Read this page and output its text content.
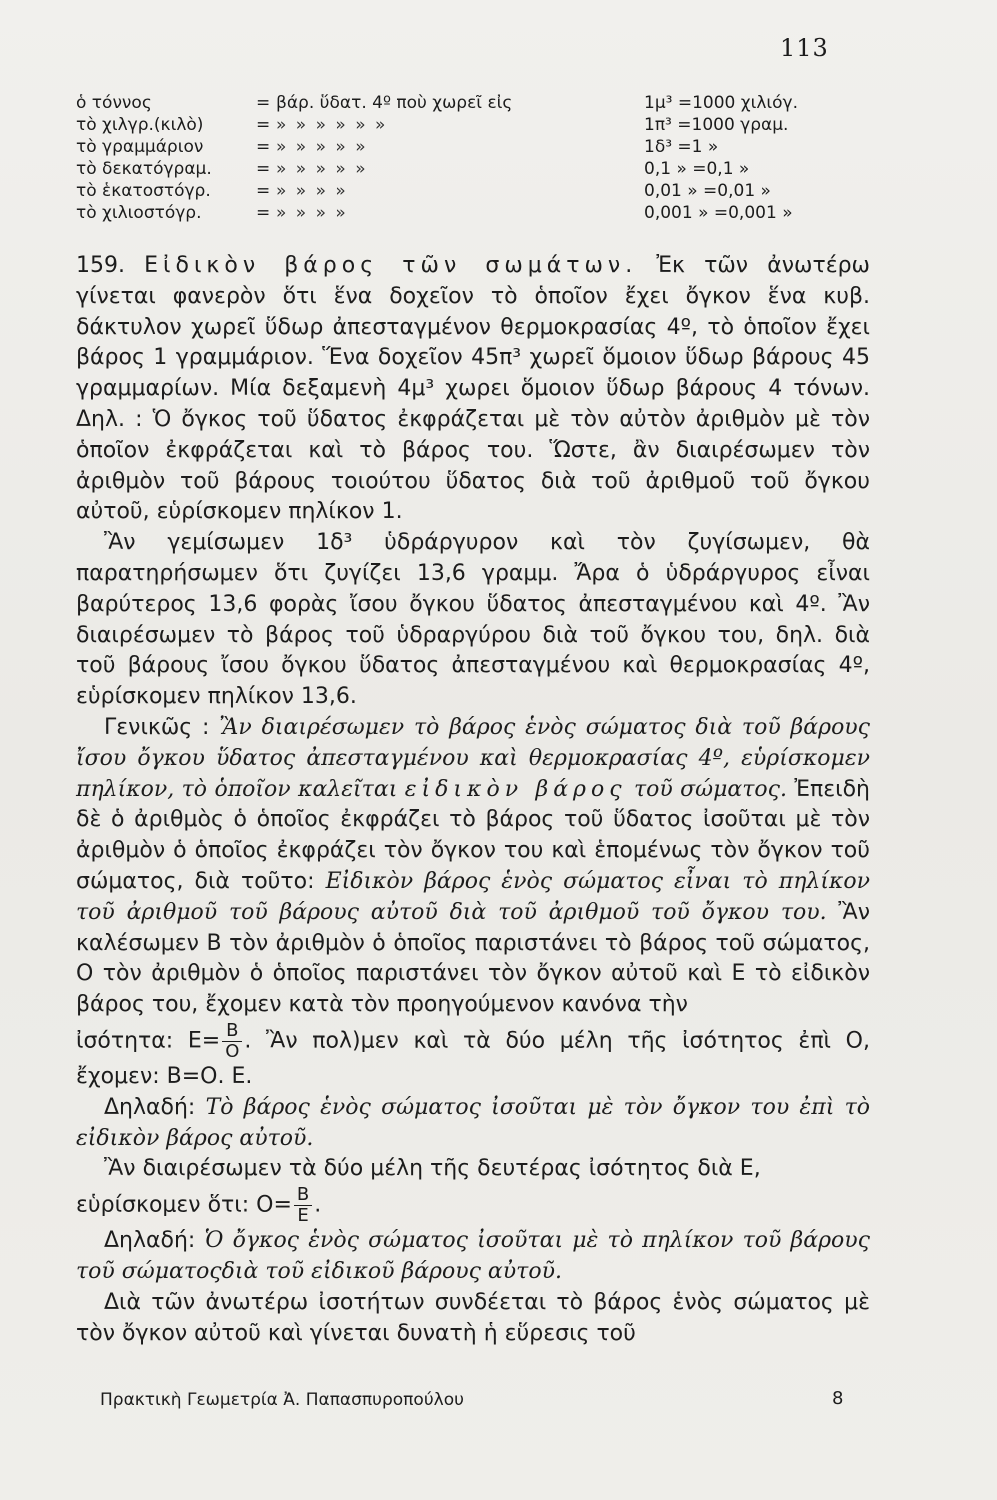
113
ὁ τόννος	= βάρ. ὕδατ. 4º ποὺ χωρεῖ εἰς	1μ³ =1000 χιλιόγ.
τὸ χιλγρ.(κιλὸ)	= » » » » » »	1π³ =1000 γραμ.
τὸ γραμμάριον	= » » » » »	1δ³ =1 »
τὸ δεκατόγραμ.	= » » » » »	0,1 » =0,1 »
τὸ ἑκατοστόγρ.	= » » » »	0,01 » =0,01 »
τὸ χιλιοστόγρ.	= » » » »	0,001 » =0,001 »

159. Εἰδικὸν βάρος τῶν σωμάτων. Ἐκ τῶν ἀνωτέρω γίνεται φανερὸν ὅτι ἕνα δοχεῖον τὸ ὁποῖον ἔχει ὄγκον ἕνα κυβ. δάκτυλον χωρεῖ ὕδωρ ἀπεσταγμένον θερμοκρασίας 4º, τὸ ὁποῖον ἔχει βάρος 1 γραμμάριον. Ἕνα δοχεῖον 45π³ χωρεῖ ὅμοιον ὕδωρ βάρους 45 γραμμαρίων. Μία δεξαμενὴ 4μ³ χωρει ὅμοιον ὕδωρ βάρους 4 τόνων. Δηλ. : Ὁ ὄγκος τοῦ ὕδατος ἐκφράζεται μὲ τὸν αὐτὸν ἀριθμὸν μὲ τὸν ὁποῖον ἐκφράζεται καὶ τὸ βάρος του. Ὥστε, ἂν διαιρέσωμεν τὸν ἀριθμὸν τοῦ βάρους τοιούτου ὕδατος διὰ τοῦ ἀριθμοῦ τοῦ ὄγκου αὐτοῦ, εὑρίσκομεν πηλίκον 1.

Ἂν γεμίσωμεν 1δ³ ὑδράργυρον καὶ τὸν ζυγίσωμεν, θὰ παρατηρήσωμεν ὅτι ζυγίζει 13,6 γραμμ. Ἄρα ὁ ὑδράργυρος εἶναι βαρύτερος 13,6 φορὰς ἴσου ὄγκου ὕδατος ἀπεσταγμένου καὶ 4º. Ἂν διαιρέσωμεν τὸ βάρος τοῦ ὑδραργύρου διὰ τοῦ ὄγκου του, δηλ. διὰ τοῦ βάρους ἴσου ὄγκου ὕδατος ἀπεσταγμένου καὶ θερμοκρασίας 4º, εὑρίσκομεν πηλίκον 13,6.

Γενικῶς : Ἂν διαιρέσωμεν τὸ βάρος ἑνὸς σώματος διὰ τοῦ βάρους ἴσου ὄγκου ὕδατος ἀπεσταγμένου καὶ θερμοκρασίας 4º, εὑρίσκομεν πηλίκον, τὸ ὁποῖον καλεῖται εἰδικὸν βάρος τοῦ σώματος. Ἐπειδὴ δὲ ὁ ἀριθμὸς ὁ ὁποῖος ἐκφράζει τὸ βάρος τοῦ ὕδατος ἰσοῦται μὲ τὸν ἀριθμὸν ὁ ὁποῖος ἐκφράζει τὸν ὄγκον του καὶ ἑπομένως τὸν ὄγκον τοῦ σώματος, διὰ τοῦτο: Εἰδικὸν βάρος ἑνὸς σώματος εἶναι τὸ πηλίκον τοῦ ἀριθμοῦ τοῦ βάρους αὐτοῦ διὰ τοῦ ἀριθμοῦ τοῦ ὄγκου του. Ἂν καλέσωμεν Β τὸν ἀριθμὸν ὁ ὁποῖος παριστάνει τὸ βάρος τοῦ σώματος, Ο τὸν ἀριθμὸν ὁ ὁποῖος παριστάνει τὸν ὄγκον αὐτοῦ καὶ Ε τὸ εἰδικὸν βάρος του, ἔχομεν κατὰ τὸν προηγούμενον κανόνα τὴν

ἰσότητα: $E= \frac{B}{O}$ . Ἂν πολ)μεν καὶ τὰ δύο μέλη τῆς ἰσότητος ἐπὶ Ο, ἔχομεν: Β=Ο. Ε.

Δηλαδή: Τὸ βάρος ἑνὸς σώματος ἰσοῦται μὲ τὸν ὄγκον του ἐπὶ τὸ εἰδικὸν βάρος αὐτοῦ.

Ἂν διαιρέσωμεν τὰ δύο μέλη τῆς δευτέρας ἰσότητος διὰ Ε,

εὑρίσκομεν ὅτι: $O= \frac{B}{E}$ .

Δηλαδή: Ὁ ὄγκος ἑνὸς σώματος ἰσοῦται μὲ τὸ πηλίκον τοῦ βάρους τοῦ σώματοςδιὰ τοῦ εἰδικοῦ βάρους αὐτοῦ.

Διὰ τῶν ἀνωτέρω ἰσοτήτων συνδέεται τὸ βάρος ἑνὸς σώματος μὲ τὸν ὄγκον αὐτοῦ καὶ γίνεται δυνατὴ ἡ εὕρεσις τοῦ

Πρακτικὴ Γεωμετρία Ἀ. Παπασπυροπούλου	8
